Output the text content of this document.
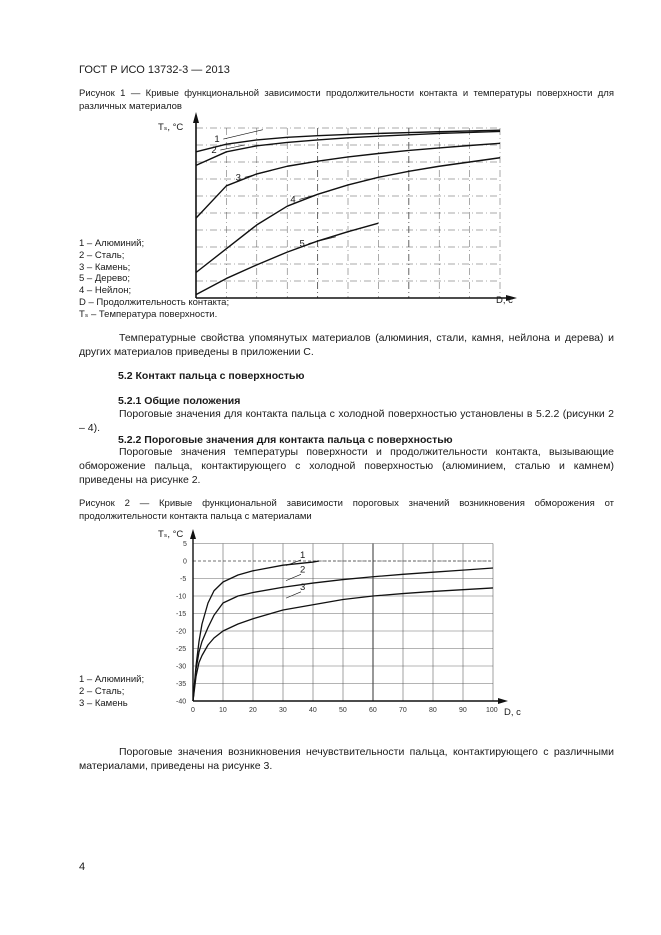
ГОСТ Р ИСО 13732-3 — 2013
Рисунок 1 — Кривые функциональной зависимости продолжительности контакта и температуры поверхности для различных материалов
Tₛ, °C
D, c
1
2
3
4
5
1 – Алюминий;
2 – Сталь;
3 – Камень;
5 – Дерево;
4 – Нейлон;
D – Продолжительность контакта;
Tₛ – Температура поверхности.
Температурные свойства упомянутых материалов (алюминия, стали, камня, нейлона и дерева) и других материалов приведены в приложении С.
5.2 Контакт пальца с поверхностью
5.2.1 Общие положения
Пороговые значения для контакта пальца с холодной поверхностью установлены в 5.2.2 (рисунки 2 – 4).
5.2.2 Пороговые значения для контакта пальца с поверхностью
Пороговые значения температуры поверхности и продолжительности контакта, вызывающие обморожение пальца, контактирующего с холодной поверхностью (алюминием, сталью и камнем) приведены на рисунке 2.
Рисунок 2 — Кривые функциональной зависимости пороговых значений возникновения обморожения от продолжительности контакта пальца с материалами
Tₛ, °C
D, c
0	10	20	30	40	50	60	70	80	90	100
-40
-35
-30
-25
-20
-15
-10
-5
0
5
1
2
3
1 – Алюминий;
2 – Сталь;
3 – Камень
Пороговые значения возникновения нечувствительности пальца, контактирующего с различными материалами, приведены на рисунке 3.
4
